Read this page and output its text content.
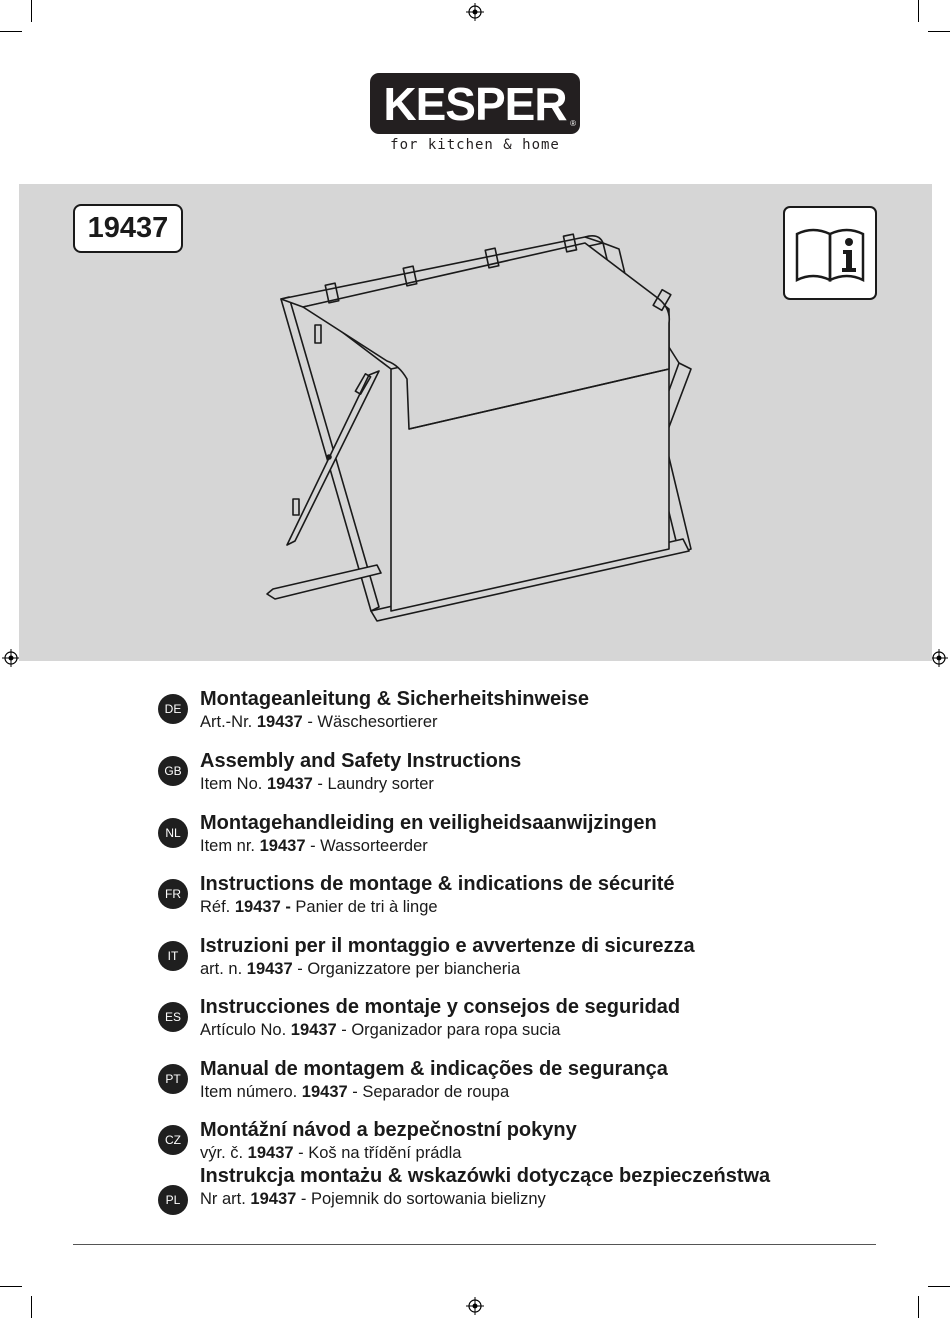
KESPER ®
for kitchen & home
19437
DE Montageanleitung & Sicherheitshinweise
Art.-Nr. 19437 - Wäschesortierer
GB Assembly and Safety Instructions
Item No. 19437 - Laundry sorter
NL Montagehandleiding en veiligheidsaanwijzingen
Item nr. 19437 - Wassorteerder
FR Instructions de montage & indications de sécurité
Réf. 19437 - Panier de tri à linge
IT	Istruzioni per il montaggio e avvertenze di sicurezza
art. n. 19437 - Organizzatore per biancheria
ES Instrucciones de montaje y consejos de seguridad
Artículo No. 19437 - Organizador para ropa sucia
PT Manual de montagem & indicações de segurança
Item número. 19437 - Separador de roupa
CZ Montážní návod a bezpečnostní pokyny
výr. č. 19437 - Koš na třídění prádla
PL
Instrukcja montażu & wskazówki dotyczące bezpieczeństwa
Nr art. 19437 - Pojemnik do sortowania bielizny
